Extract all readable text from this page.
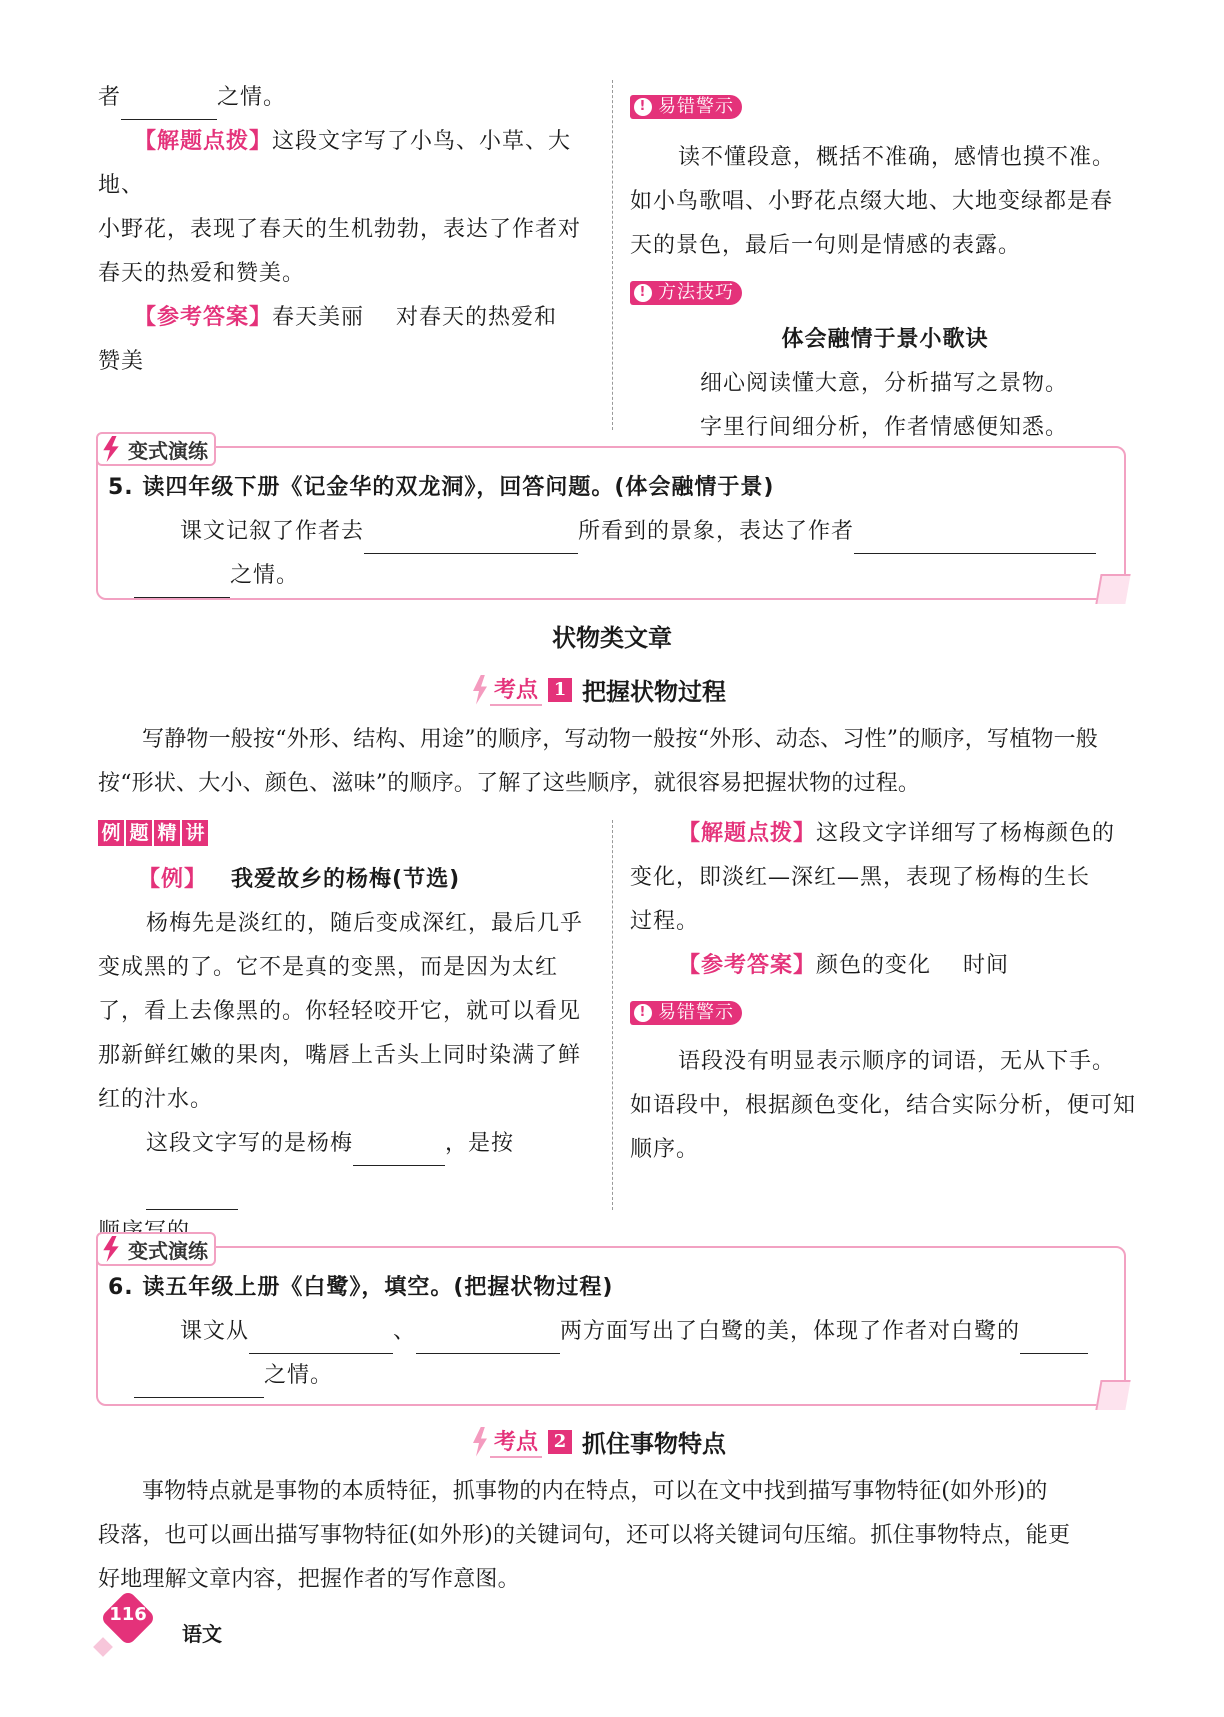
者	之情。
【解题点拨】这段文字写了小鸟、小草、大地、
小野花，表现了春天的生机勃勃，表达了作者对
春天的热爱和赞美。
【参考答案】春天美丽    对春天的热爱和
赞美
! 易错警示
读不懂段意，概括不准确，感情也摸不准。
如小鸟歌唱、小野花点缀大地、大地变绿都是春
天的景色，最后一句则是情感的表露。
! 方法技巧
体会融情于景小歌诀
细心阅读懂大意，分析描写之景物。
字里行间细分析，作者情感便知悉。
变式演练
5. 读四年级下册《记金华的双龙洞》，回答问题。(体会融情于景)
课文记叙了作者去	所看到的景象，表达了作者
之情。
状物类文章
考点 1 把握状物过程
写静物一般按“外形、结构、用途”的顺序，写动物一般按“外形、动态、习性”的顺序，写植物一般
按“形状、大小、颜色、滋味”的顺序。了解了这些顺序，就很容易把握状物的过程。
例 题 精 讲
【例】 我爱故乡的杨梅(节选)
杨梅先是淡红的，随后变成深红，最后几乎
变成黑的了。它不是真的变黑，而是因为太红
了，看上去像黑的。你轻轻咬开它，就可以看见
那新鲜红嫩的果肉，嘴唇上舌头上同时染满了鲜
红的汁水。
这段文字写的是杨梅	，是按
【解题点拨】这段文字详细写了杨梅颜色的
变化，即淡红—深红—黑，表现了杨梅的生长
过程。
【参考答案】颜色的变化    时间
! 易错警示
语段没有明显表示顺序的词语，无从下手。
如语段中，根据颜色变化，结合实际分析，便可知
顺序。
变式演练
6. 读五年级上册《白鹭》，填空。(把握状物过程)
课文从	、	两方面写出了白鹭的美，体现了作者对白鹭的
之情。
考点 2 抓住事物特点
事物特点就是事物的本质特征，抓事物的内在特点，可以在文中找到描写事物特征(如外形)的
段落，也可以画出描写事物特征(如外形)的关键词句，还可以将关键词句压缩。抓住事物特点，能更
好地理解文章内容，把握作者的写作意图。
116
语文
